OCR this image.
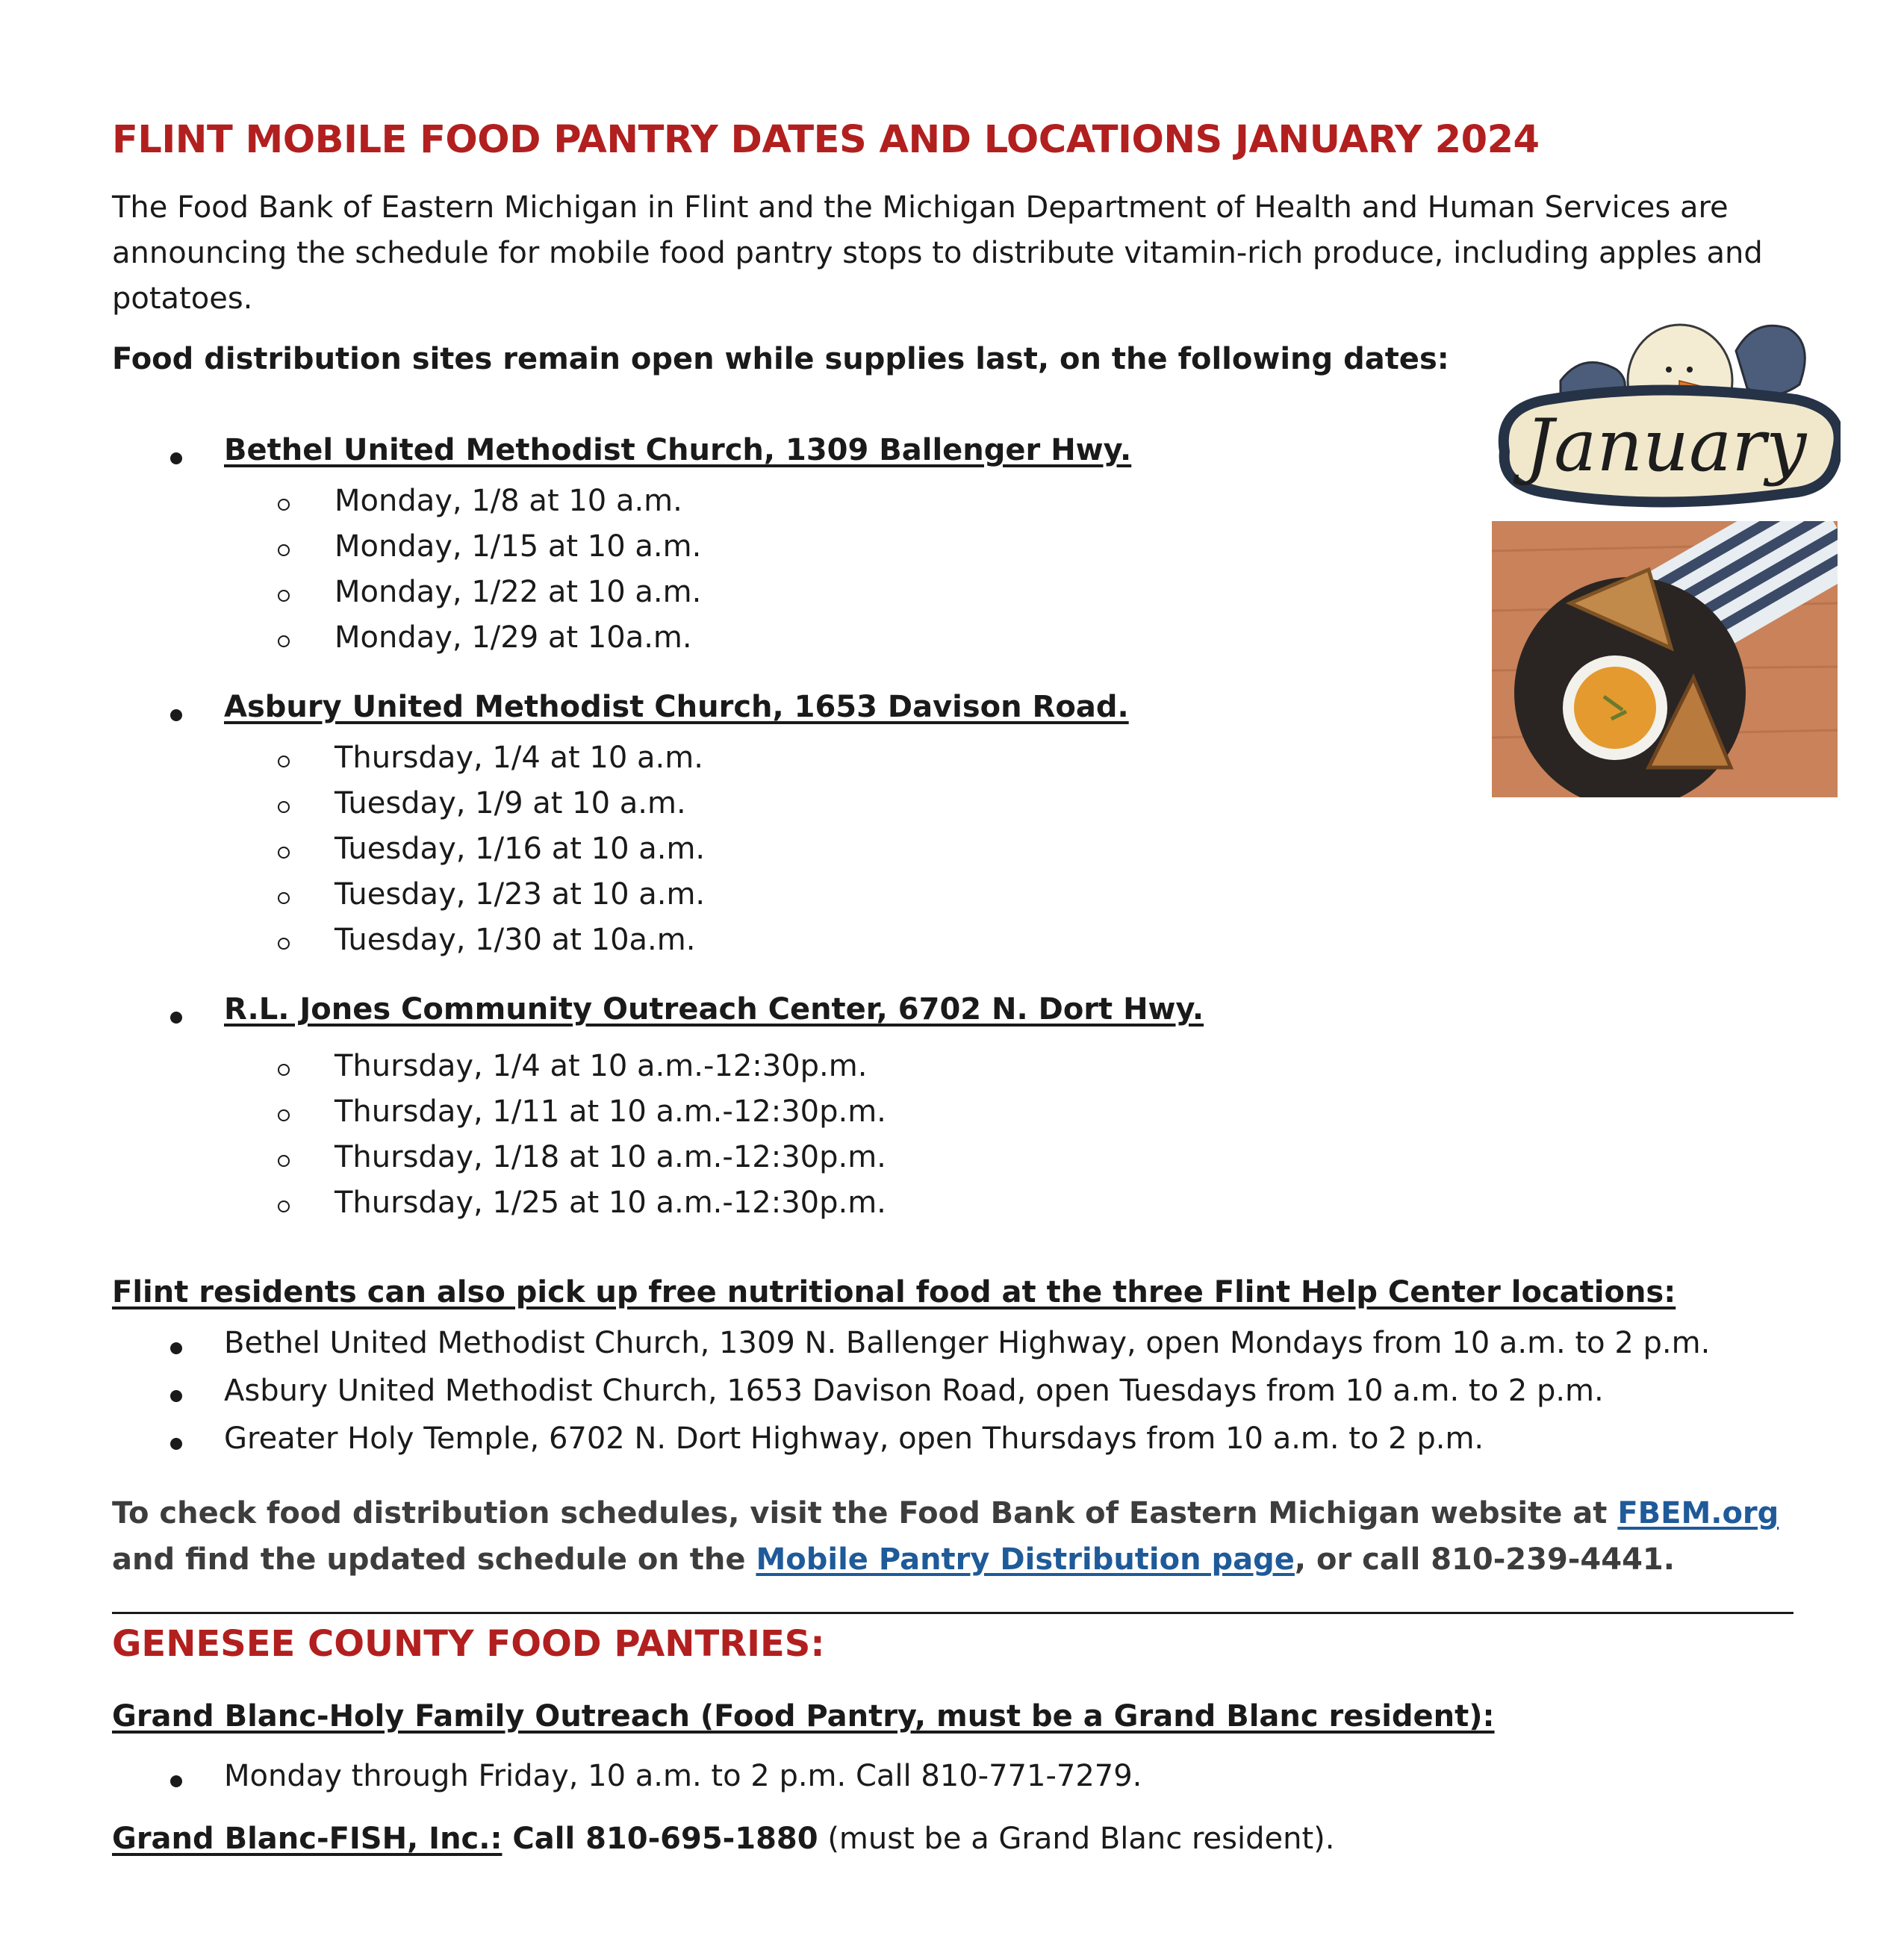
FLINT MOBILE FOOD PANTRY DATES AND LOCATIONS JANUARY 2024
The Food Bank of Eastern Michigan in Flint and the Michigan Department of Health and Human Services are
announcing the schedule for mobile food pantry stops to distribute vitamin-rich produce, including apples and
potatoes.
Food distribution sites remain open while supplies last, on the following dates:
Bethel United Methodist Church, 1309 Ballenger Hwy.
Monday, 1/8 at 10 a.m.
Monday, 1/15 at 10 a.m.
Monday, 1/22 at 10 a.m.
Monday, 1/29 at 10a.m.
Asbury United Methodist Church, 1653 Davison Road.
Thursday, 1/4 at 10 a.m.
Tuesday, 1/9 at 10 a.m.
Tuesday, 1/16 at 10 a.m.
Tuesday, 1/23 at 10 a.m.
Tuesday, 1/30 at 10a.m.
R.L. Jones Community Outreach Center, 6702 N. Dort Hwy.
Thursday, 1/4 at 10 a.m.-12:30p.m.
Thursday, 1/11 at 10 a.m.-12:30p.m.
Thursday, 1/18 at 10 a.m.-12:30p.m.
Thursday, 1/25 at 10 a.m.-12:30p.m.
Flint residents can also pick up free nutritional food at the three Flint Help Center locations:
Bethel United Methodist Church, 1309 N. Ballenger Highway, open Mondays from 10 a.m. to 2 p.m.
Asbury United Methodist Church, 1653 Davison Road, open Tuesdays from 10 a.m. to 2 p.m.
Greater Holy Temple, 6702 N. Dort Highway, open Thursdays from 10 a.m. to 2 p.m.
To check food distribution schedules, visit the Food Bank of Eastern Michigan website at FBEM.org and find the updated schedule on the Mobile Pantry Distribution page, or call 810-239-4441.
GENESEE COUNTY FOOD PANTRIES:
Grand Blanc-Holy Family Outreach (Food Pantry, must be a Grand Blanc resident):
Monday through Friday, 10 a.m. to 2 p.m. Call 810-771-7279.
Grand Blanc-FISH, Inc.: Call 810-695-1880 (must be a Grand Blanc resident).
January
